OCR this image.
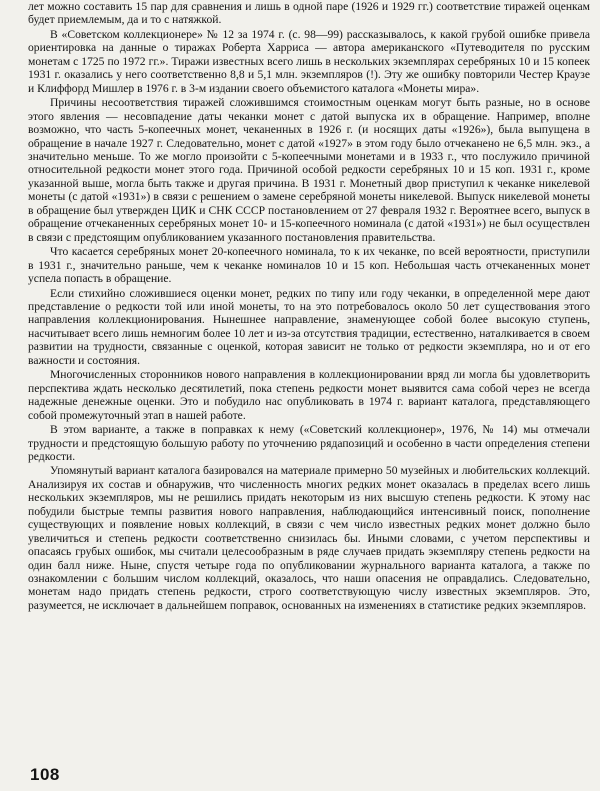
лет можно составить 15 пар для сравнения и лишь в одной паре (1926 и 1929 гг.) соответствие тиражей оценкам будет приемлемым, да и то с натяжкой.

В «Советском коллекционере» № 12 за 1974 г. (с. 98—99) рассказывалось, к какой грубой ошибке привела ориентировка на данные о тиражах Роберта Харриса — автора американского «Путеводителя по русским монетам с 1725 по 1972 гг.». Тиражи известных всего лишь в нескольких экземплярах серебряных 10 и 15 копеек 1931 г. оказались у него соответственно 8,8 и 5,1 млн. экземпляров (!). Эту же ошибку повторили Честер Краузе и Клиффорд Мишлер в 1976 г. в 3-м издании своего объемистого каталога «Монеты мира».

Причины несоответствия тиражей сложившимся стоимостным оценкам могут быть разные, но в основе этого явления — несовпадение даты чеканки монет с датой выпуска их в обращение. Например, вполне возможно, что часть 5-копеечных монет, чеканенных в 1926 г. (и носящих даты «1926»), была выпущена в обращение в начале 1927 г. Следовательно, монет с датой «1927» в этом году было отчеканено не 6,5 млн. экз., а значительно меньше. То же могло произойти с 5-копеечными монетами и в 1933 г., что послужило причиной относительной редкости монет этого года. Причиной особой редкости серебряных 10 и 15 коп. 1931 г., кроме указанной выше, могла быть также и другая причина. В 1931 г. Монетный двор приступил к чеканке никелевой монеты (с датой «1931») в связи с решением о замене серебряной монеты никелевой. Выпуск никелевой монеты в обращение был утвержден ЦИК и СНК СССР постановлением от 27 февраля 1932 г. Вероятнее всего, выпуск в обращение отчеканенных серебряных монет 10- и 15-копеечного номинала (с датой «1931») не был осуществлен в связи с предстоящим опубликованием указанного постановления правительства.

Что касается серебряных монет 20-копеечного номинала, то к их чеканке, по всей вероятности, приступили в 1931 г., значительно раньше, чем к чеканке номиналов 10 и 15 коп. Небольшая часть отчеканенных монет успела попасть в обращение.

Если стихийно сложившиеся оценки монет, редких по типу или году чеканки, в определенной мере дают представление о редкости той или иной монеты, то на это потребовалось около 50 лет существования этого направления коллекционирования. Нынешнее направление, знаменующее собой более высокую ступень, насчитывает всего лишь немногим более 10 лет и из-за отсутствия традиции, естественно, наталкивается в своем развитии на трудности, связанные с оценкой, которая зависит не только от редкости экземпляра, но и от его важности и состояния.

Многочисленных сторонников нового направления в коллекционировании вряд ли могла бы удовлетворить перспектива ждать несколько десятилетий, пока степень редкости монет выявится сама собой через не всегда надежные денежные оценки. Это и побудило нас опубликовать в 1974 г. вариант каталога, представляющего собой промежуточный этап в нашей работе.

В этом варианте, а также в поправках к нему («Советский коллекционер», 1976, № 14) мы отмечали трудности и предстоящую большую работу по уточнению рядапозиций и особенно в части определения степени редкости.

Упомянутый вариант каталога базировался на материале примерно 50 музейных и любительских коллекций. Анализируя их состав и обнаружив, что численность многих редких монет оказалась в пределах всего лишь нескольких экземпляров, мы не решились придать некоторым из них высшую степень редкости. К этому нас побудили быстрые темпы развития нового направления, наблюдающийся интенсивный поиск, пополнение существующих и появление новых коллекций, в связи с чем число известных редких монет должно было увеличиться и степень редкости соответственно снизилась бы. Иными словами, с учетом перспективы и опасаясь грубых ошибок, мы считали целесообразным в ряде случаев придать экземпляру степень редкости на один балл ниже. Ныне, спустя четыре года по опубликовании журнального варианта каталога, а также по ознакомлении с большим числом коллекций, оказалось, что наши опасения не оправдались. Следовательно, монетам надо придать степень редкости, строго соответствующую числу известных экземпляров. Это, разумеется, не исключает в дальнейшем поправок, основанных на изменениях в статистике редких экземпляров.

108
